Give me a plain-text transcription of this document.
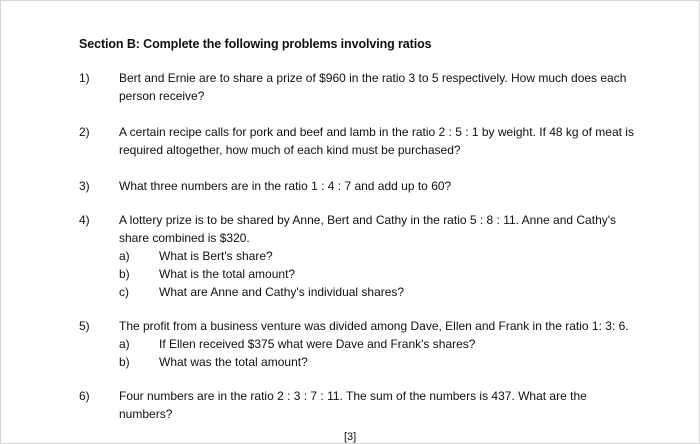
Section B: Complete the following problems involving ratios
1) Bert and Ernie are to share a prize of $960 in the ratio 3 to 5 respectively. How much does each person receive?
2) A certain recipe calls for pork and beef and lamb in the ratio 2 : 5 : 1 by weight. If 48 kg of meat is required altogether, how much of each kind must be purchased?
3) What three numbers are in the ratio 1 : 4 : 7 and add up to 60?
4) A lottery prize is to be shared by Anne, Bert and Cathy in the ratio 5 : 8 : 11. Anne and Cathy's share combined is $320.
a) What is Bert's share?
b) What is the total amount?
c)	What are Anne and Cathy's individual shares?
5) The profit from a business venture was divided among Dave, Ellen and Frank in the ratio 1: 3: 6.
a) If Ellen received $375 what were Dave and Frank's shares?
b) What was the total amount?
6) Four numbers are in the ratio 2 : 3 : 7 : 11. The sum of the numbers is 437. What are the numbers?
[3]
